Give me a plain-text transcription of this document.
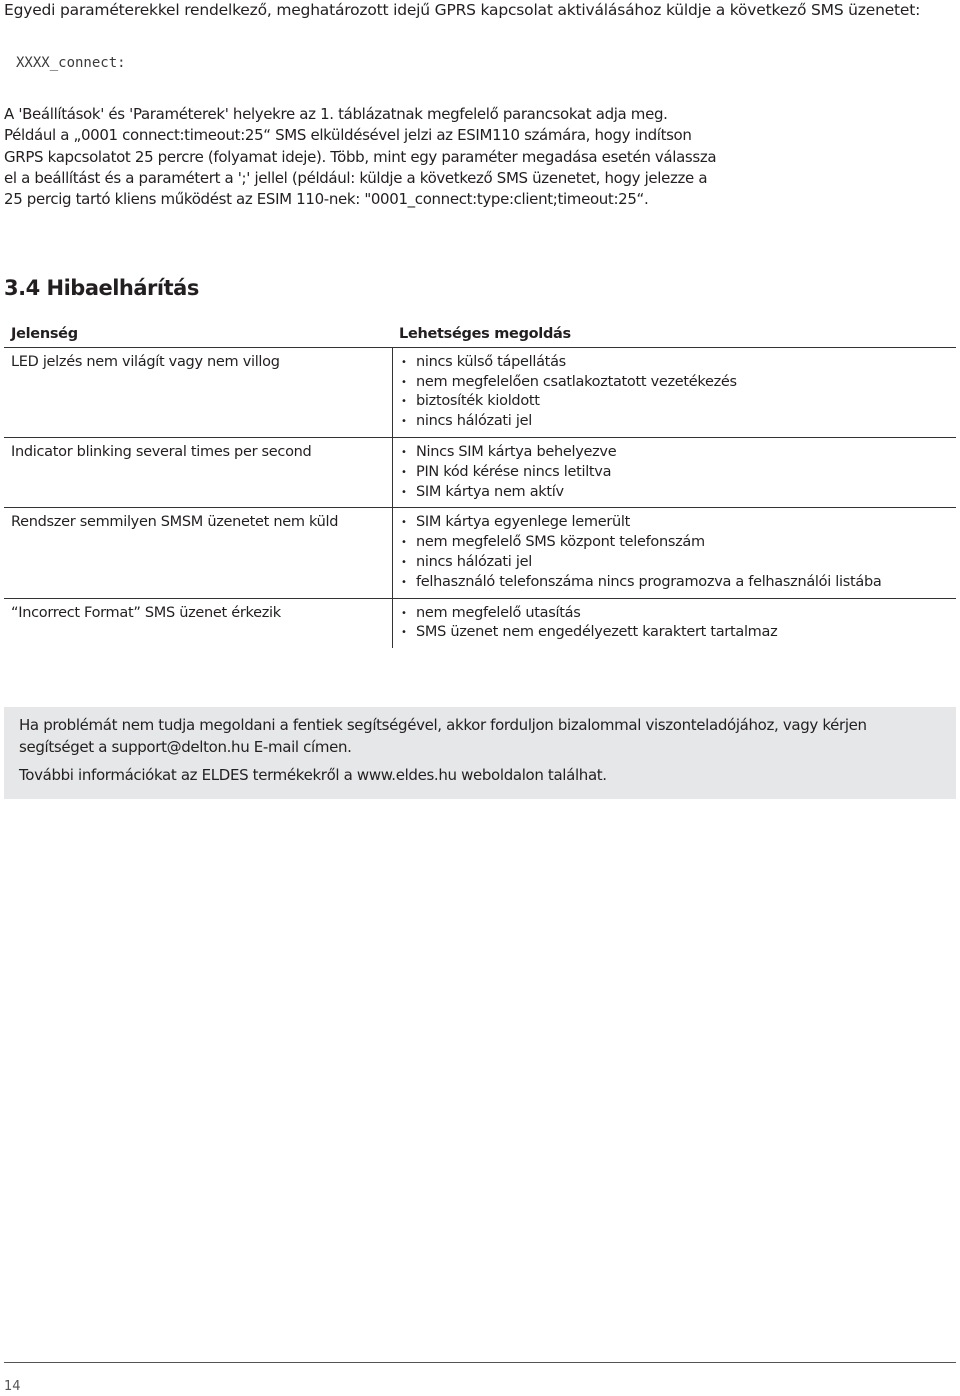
Egyedi paraméterekkel rendelkező, meghatározott idejű GPRS kapcsolat aktiválásához küldje a következő SMS üzenetet:
XXXX_connect:

A 'Beállítások' és 'Paraméterek' helyekre az 1. táblázatnak megfelelő parancsokat adja meg.

Például a „0001 connect:timeout:25“ SMS elküldésével jelzi az ESIM110 számára, hogy indítson

GRPS kapcsolatot 25 percre (folyamat ideje). Több, mint egy paraméter megadása esetén válassza

el a beállítást és a paramétert a ';' jellel (például: küldje a következő SMS üzenetet, hogy jelezze a

25 percig tartó kliens működést az ESIM 110-nek: "0001_connect:type:client;timeout:25“.

3.4 Hibaelhárítás
Jelenség	Lehetséges megoldás
LED jelzés nem világít vagy nem villog	• nincs külső tápellátás
• nem megfelelően csatlakoztatott vezetékezés
• biztosíték kioldott
• nincs hálózati jel
Indicator blinking several times per second	• Nincs SIM kártya behelyezve
• PIN kód kérése nincs letiltva
• SIM kártya nem aktív
Rendszer semmilyen SMSM üzenetet nem küld	• SIM kártya egyenlege lemerült
• nem megfelelő SMS központ telefonszám
• nincs hálózati jel
• felhasználó telefonszáma nincs programozva a felhasználói listába
“Incorrect Format” SMS üzenet érkezik	• nem megfelelő utasítás
• SMS üzenet nem engedélyezett karaktert tartalmaz

Ha problémát nem tudja megoldani a fentiek segítségével, akkor forduljon bizalommal viszonteladójához, vagy kérjen segítséget a support@delton.hu E-mail címen.

További információkat az ELDES termékekről a www.eldes.hu weboldalon találhat.

14
